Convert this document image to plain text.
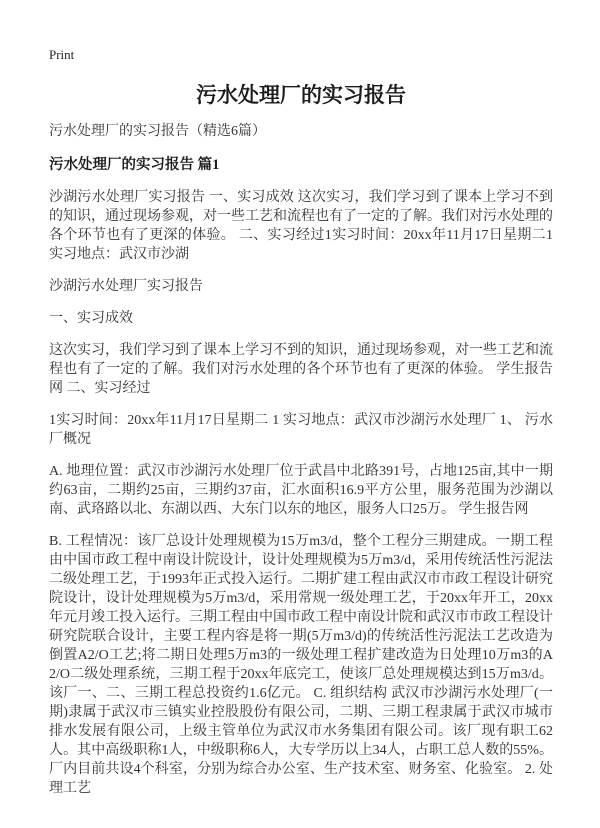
Print
污水处理厂的实习报告
污水处理厂的实习报告（精选6篇）
污水处理厂的实习报告 篇1

沙湖污水处理厂实习报告 一、实习成效 这次实习，我们学习到了课本上学习不到的知识，通过现场参观，对一些工艺和流程也有了一定的了解。我们对污水处理的各个环节也有了更深的体验。 二、实习经过1实习时间：20xx年11月17日星期二1实习地点：武汉市沙湖

沙湖污水处理厂实习报告

一、实习成效

这次实习，我们学习到了课本上学习不到的知识，通过现场参观，对一些工艺和流程也有了一定的了解。我们对污水处理的各个环节也有了更深的体验。 学生报告网 二、实习经过

1实习时间：20xx年11月17日星期二 1 实习地点：武汉市沙湖污水处理厂 1、 污水厂概况

A. 地理位置：武汉市沙湖污水处理厂位于武昌中北路391号，占地125亩,其中一期约63亩，二期约25亩，三期约37亩，汇水面积16.9平方公里，服务范围为沙湖以南、武珞路以北、东湖以西、大东门以东的地区，服务人口25万。 学生报告网

B. 工程情况：该厂总设计处理规模为15万m3/d，整个工程分三期建成。一期工程由中国市政工程中南设计院设计，设计处理规模为5万m3/d，采用传统活性污泥法二级处理工艺，于1993年正式投入运行。二期扩建工程由武汉市市政工程设计研究院设计，设计处理规模为5万m3/d，采用常规一级处理工艺，于20xx年开工，20xx年元月竣工投入运行。三期工程由中国市政工程中南设计院和武汉市市政工程设计研究院联合设计，主要工程内容是将一期(5万m3/d)的传统活性污泥法工艺改造为倒置A2/O工艺;将二期日处理5万m3的一级处理工程扩建改造为日处理10万m3的A2/O二级处理系统，三期工程于20xx年底完工，使该厂总处理规模达到15万m3/d。该厂一、二、三期工程总投资约1.6亿元。 C. 组织结构 武汉市沙湖污水处理厂(一期)隶属于武汉市三镇实业控股股份有限公司，二期、三期工程隶属于武汉市城市排水发展有限公司，上级主管单位为武汉市水务集团有限公司。该厂现有职工62人。其中高级职称1人，中级职称6人，大专学历以上34人，占职工总人数的55%。厂内目前共设4个科室，分别为综合办公室、生产技术室、财务室、化验室。 2. 处理工艺
